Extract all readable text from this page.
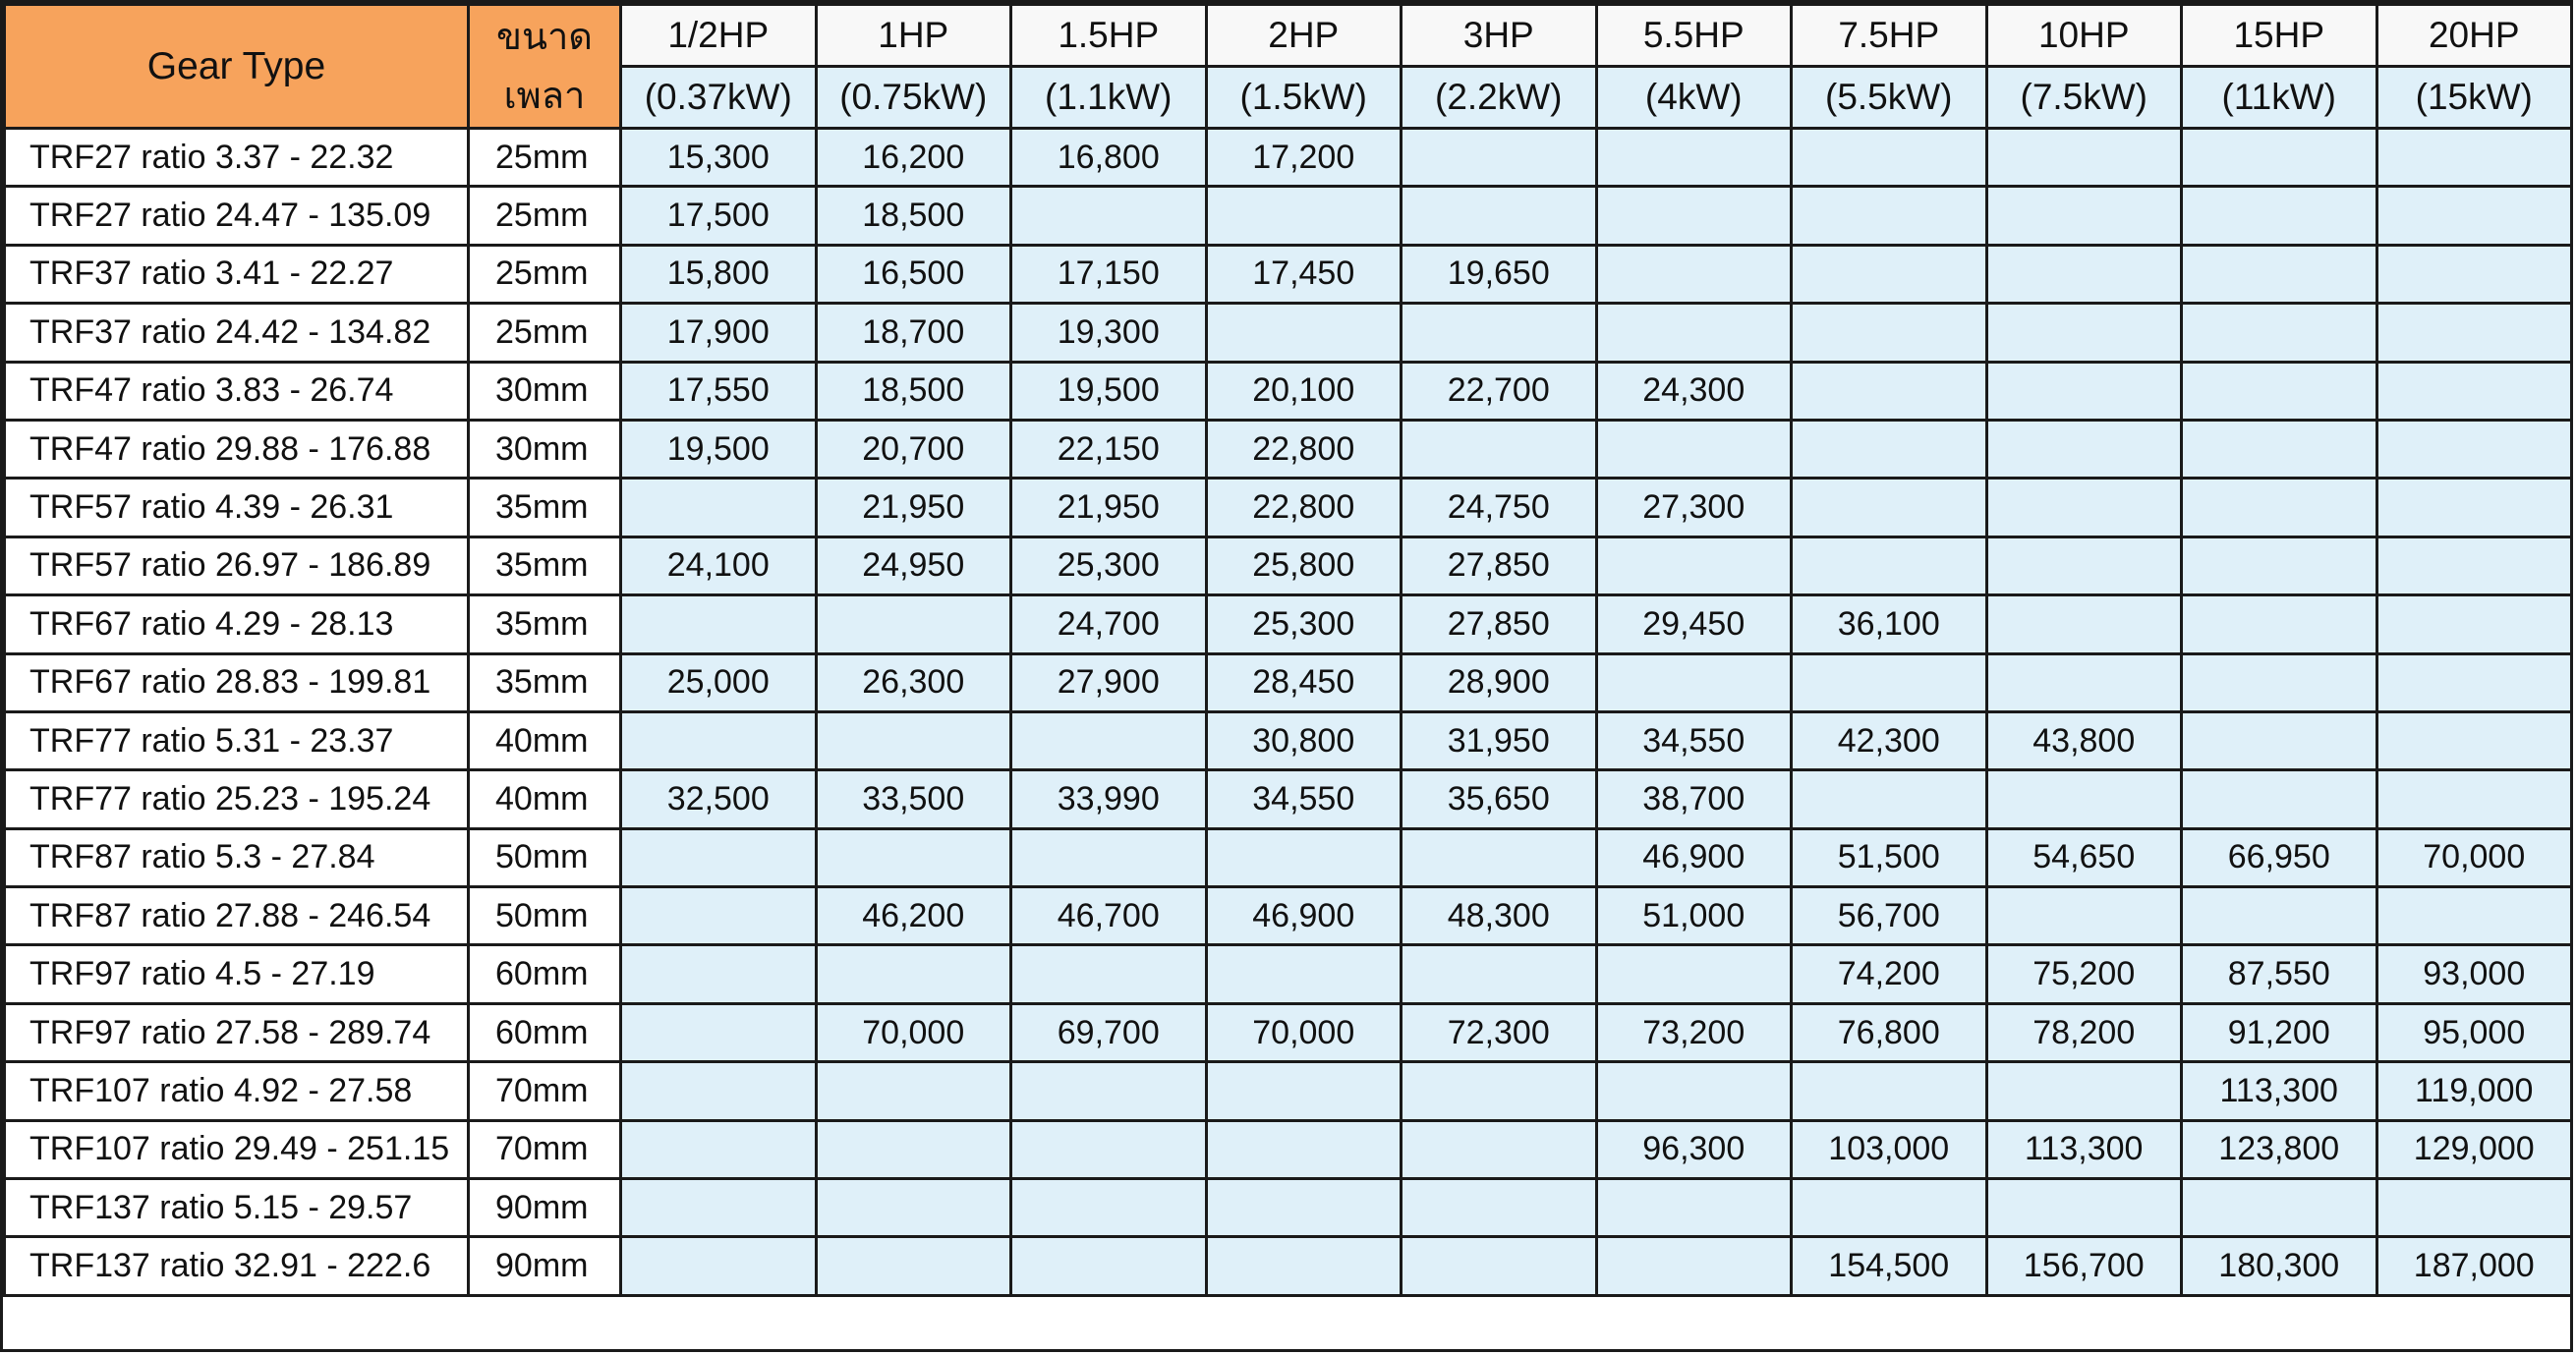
Gear Type	ขนาด
เพลา	1/2HP	1HP	1.5HP	2HP	3HP	5.5HP	7.5HP	10HP	15HP	20HP
		(0.37kW)	(0.75kW)	(1.1kW)	(1.5kW)	(2.2kW)	(4kW)	(5.5kW)	(7.5kW)	(11kW)	(15kW)
TRF27 ratio 3.37 - 22.32	25mm	15,300	16,200	16,800	17,200						
TRF27 ratio 24.47 - 135.09	25mm	17,500	18,500								
TRF37 ratio 3.41 - 22.27	25mm	15,800	16,500	17,150	17,450	19,650					
TRF37 ratio 24.42 - 134.82	25mm	17,900	18,700	19,300							
TRF47 ratio 3.83 - 26.74	30mm	17,550	18,500	19,500	20,100	22,700	24,300				
TRF47 ratio 29.88 - 176.88	30mm	19,500	20,700	22,150	22,800						
TRF57 ratio 4.39 - 26.31	35mm		21,950	21,950	22,800	24,750	27,300				
TRF57 ratio 26.97 - 186.89	35mm	24,100	24,950	25,300	25,800	27,850					
TRF67 ratio 4.29 - 28.13	35mm			24,700	25,300	27,850	29,450	36,100			
TRF67 ratio 28.83 - 199.81	35mm	25,000	26,300	27,900	28,450	28,900					
TRF77 ratio 5.31 - 23.37	40mm				30,800	31,950	34,550	42,300	43,800		
TRF77 ratio 25.23 - 195.24	40mm	32,500	33,500	33,990	34,550	35,650	38,700				
TRF87 ratio 5.3 - 27.84	50mm						46,900	51,500	54,650	66,950	70,000
TRF87 ratio 27.88 - 246.54	50mm		46,200	46,700	46,900	48,300	51,000	56,700			
TRF97 ratio 4.5 - 27.19	60mm							74,200	75,200	87,550	93,000
TRF97 ratio 27.58 - 289.74	60mm		70,000	69,700	70,000	72,300	73,200	76,800	78,200	91,200	95,000
TRF107 ratio 4.92 - 27.58	70mm									113,300	119,000
TRF107 ratio 29.49 - 251.15	70mm						96,300	103,000	113,300	123,800	129,000
TRF137 ratio 5.15 - 29.57	90mm										
TRF137 ratio 32.91 - 222.6	90mm							154,500	156,700	180,300	187,000
